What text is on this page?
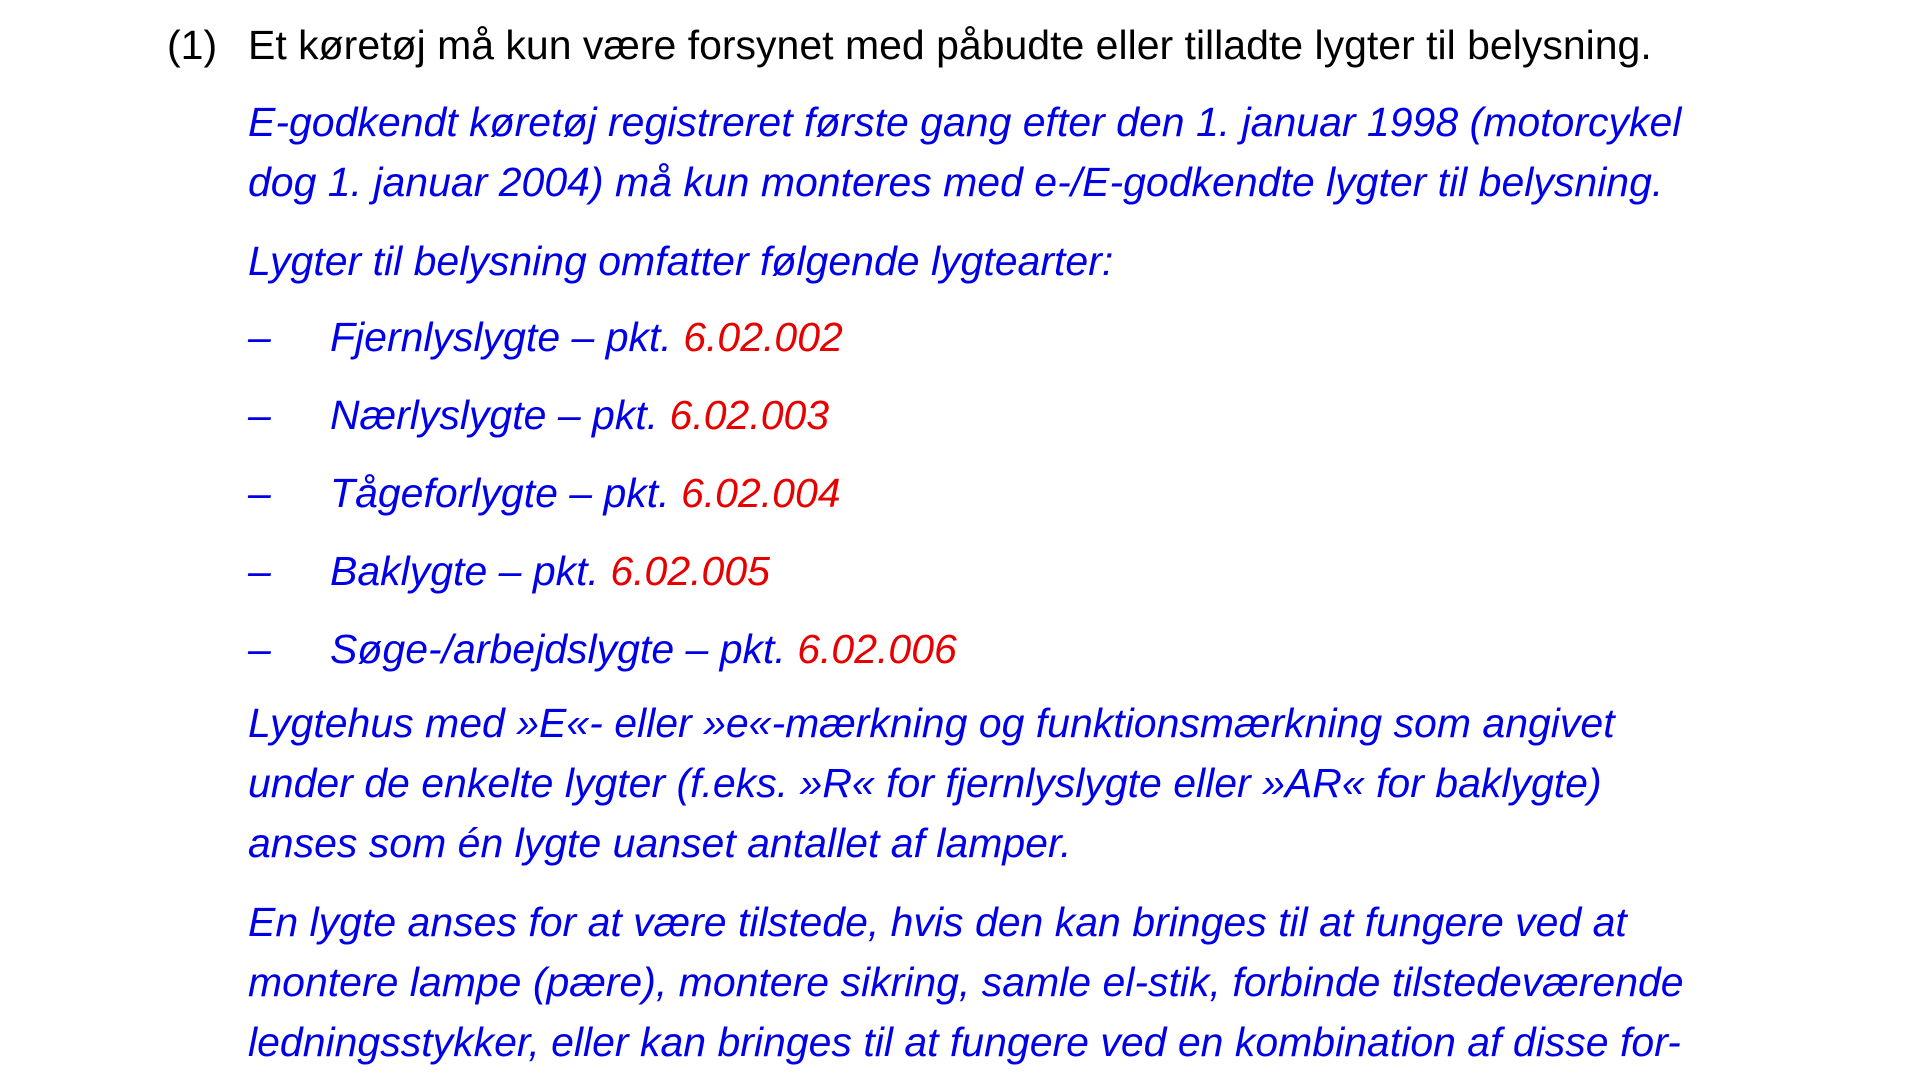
(1) Et køretøj må kun være forsynet med påbudte eller tilladte lygter til belysning.

E-godkendt køretøj registreret første gang efter den 1. januar 1998 (motorcykel
dog 1. januar 2004) må kun monteres med e-/E-godkendte lygter til belysning.

Lygter til belysning omfatter følgende lygtearter:

– Fjernlyslygte – pkt. 6.02.002
– Nærlyslygte – pkt. 6.02.003
– Tågeforlygte – pkt. 6.02.004
– Baklygte – pkt. 6.02.005
– Søge-/arbejdslygte – pkt. 6.02.006

Lygtehus med »E«- eller »e«-mærkning og funktionsmærkning som angivet
under de enkelte lygter (f.eks. »R« for fjernlyslygte eller »AR« for baklygte)
anses som én lygte uanset antallet af lamper.

En lygte anses for at være tilstede, hvis den kan bringes til at fungere ved at
montere lampe (pære), montere sikring, samle el-stik, forbinde tilstedeværende
ledningsstykker, eller kan bringes til at fungere ved en kombination af disse for-
